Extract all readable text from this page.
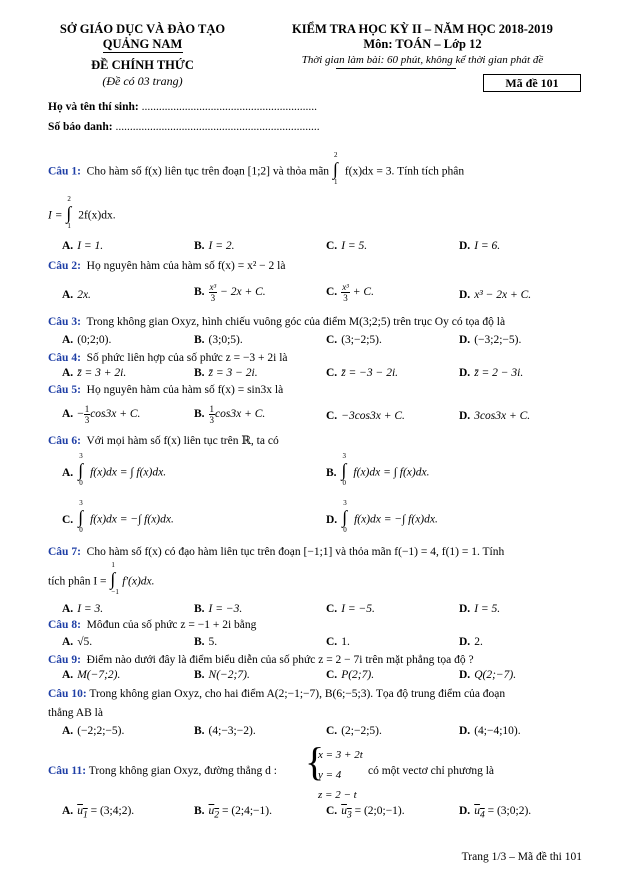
SỞ GIÁO DỤC VÀ ĐÀO TẠO
QUẢNG NAM
ĐỀ CHÍNH THỨC
(Đề có 03 trang)
KIỂM TRA HỌC KỲ II – NĂM HỌC 2018-2019
Môn: TOÁN – Lớp 12
Thời gian làm bài: 60 phút, không kể thời gian phát đề
Mã đề 101
Họ và tên thí sinh: .............................................................
Số báo danh: .......................................................................
Câu 1: Cho hàm số f(x) liên tục trên đoạn [1;2] và thỏa mãn
2
∫
1
f(x)dx = 3. Tính tích phân
I =
2
∫
1
2f(x)dx.
A. I = 1.	B. I = 2.	C. I = 5.	D. I = 6.
Câu 2: Họ nguyên hàm của hàm số f(x) = x² − 2 là
A. 2x.	B. $\frac{\text{x³}}{3} - 2x + C$.	C. $\frac{\text{x³}}{3} + C$.	D. x³ − 2x + C.
Câu 3: Trong không gian Oxyz, hình chiếu vuông góc của điểm M(3;2;5) trên trục Oy có tọa độ là
A. (0;2;0).	B. (3;0;5).	C. (3;−2;5).	D. (−3;2;−5).
Câu 4: Số phức liên hợp của số phức z = −3 + 2i là
A. z̄ = 3 + 2i.	B. z̄ = 3 − 2i.	C. z̄ = −3 − 2i.	D. z̄ = 2 − 3i.
Câu 5: Họ nguyên hàm của hàm số f(x) = sin3x là
A. − $\frac{1}{3} \cos 3x + C$.	B. $\frac{1}{3} \cos 3x + C$.	C. −3cos3x + C.	D. 3cos3x + C.
Câu 6: Với mọi hàm số f(x) liên tục trên ℝ, ta có
A.
3
∫
0
f(x)dx = ∫ f(x)dx.	B.
3
∫
0
f(x)dx = ∫ f(x)dx.
C.
3
∫
0
f(x)dx = −∫ f(x)dx.	D.
3
∫
0
f(x)dx = −∫ f(x)dx.
Câu 7: Cho hàm số f(x) có đạo hàm liên tục trên đoạn [−1;1] và thỏa mãn f(−1) = 4, f(1) = 1. Tính
tích phân I =
1
∫
−1
f′(x)dx.
A. I = 3.	B. I = −3.	C. I = −5.	D. I = 5.
Câu 8: Môđun của số phức z = −1 + 2i bằng
A. √5.	B. 5.	C. 1.	D. 2.
Câu 9: Điểm nào dưới đây là điểm biểu diễn của số phức z = 2 − 7i trên mặt phẳng tọa độ ?
A. M(−7;2).	B. N(−2;7).	C. P(2;7).	D. Q(2;−7).
Câu 10: Trong không gian Oxyz, cho hai điểm A(2;−1;−7), B(6;−5;3). Tọa độ trung điểm của đoạn
thẳng AB là
A. (−2;2;−5).	B. (4;−3;−2).	C. (2;−2;5).	D. (4;−4;10).
Câu 11: Trong không gian Oxyz, đường thẳng d : {
x = 3 + 2t
y = 4
z = 2 − t
có một vectơ chỉ phương là
A. $u_1$ = (3;4;2).	B. $u_2$ = (2;4;−1).	C. $u_3$ = (2;0;−1).	D. $u_4$ = (3;0;2).
Trang 1/3 – Mã đề thi 101
